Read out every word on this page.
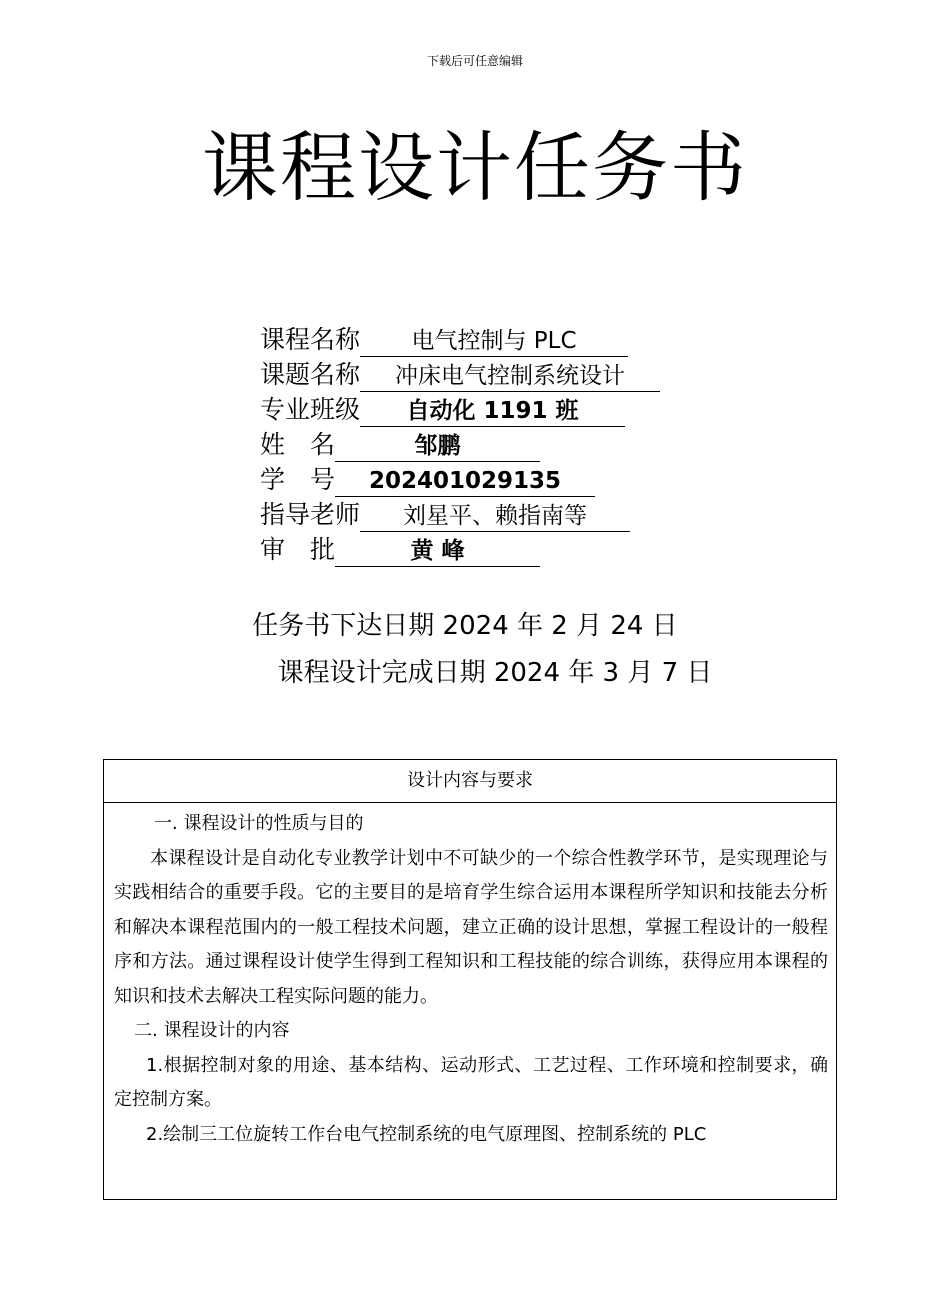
下载后可任意编辑
课程设计任务书
课程名称	电气控制与 PLC
课题名称	冲床电气控制系统设计
专业班级	自动化 1191 班
姓　名	邹鹏
学　号	202401029135
指导老师	刘星平、赖指南等
审　批	黄 峰
任务书下达日期 2024 年 2 月 24 日
课程设计完成日期 2024 年 3 月 7 日
设计内容与要求
一. 课程设计的性质与目的
本课程设计是自动化专业教学计划中不可缺少的一个综合性教学环节，是实现理论与实践相结合的重要手段。它的主要目的是培育学生综合运用本课程所学知识和技能去分析和解决本课程范围内的一般工程技术问题，建立正确的设计思想，掌握工程设计的一般程序和方法。通过课程设计使学生得到工程知识和工程技能的综合训练，获得应用本课程的知识和技术去解决工程实际问题的能力。
二. 课程设计的内容
1.根据控制对象的用途、基本结构、运动形式、工艺过程、工作环境和控制要求，确定控制方案。
2.绘制三工位旋转工作台电气控制系统的电气原理图、控制系统的 PLC
